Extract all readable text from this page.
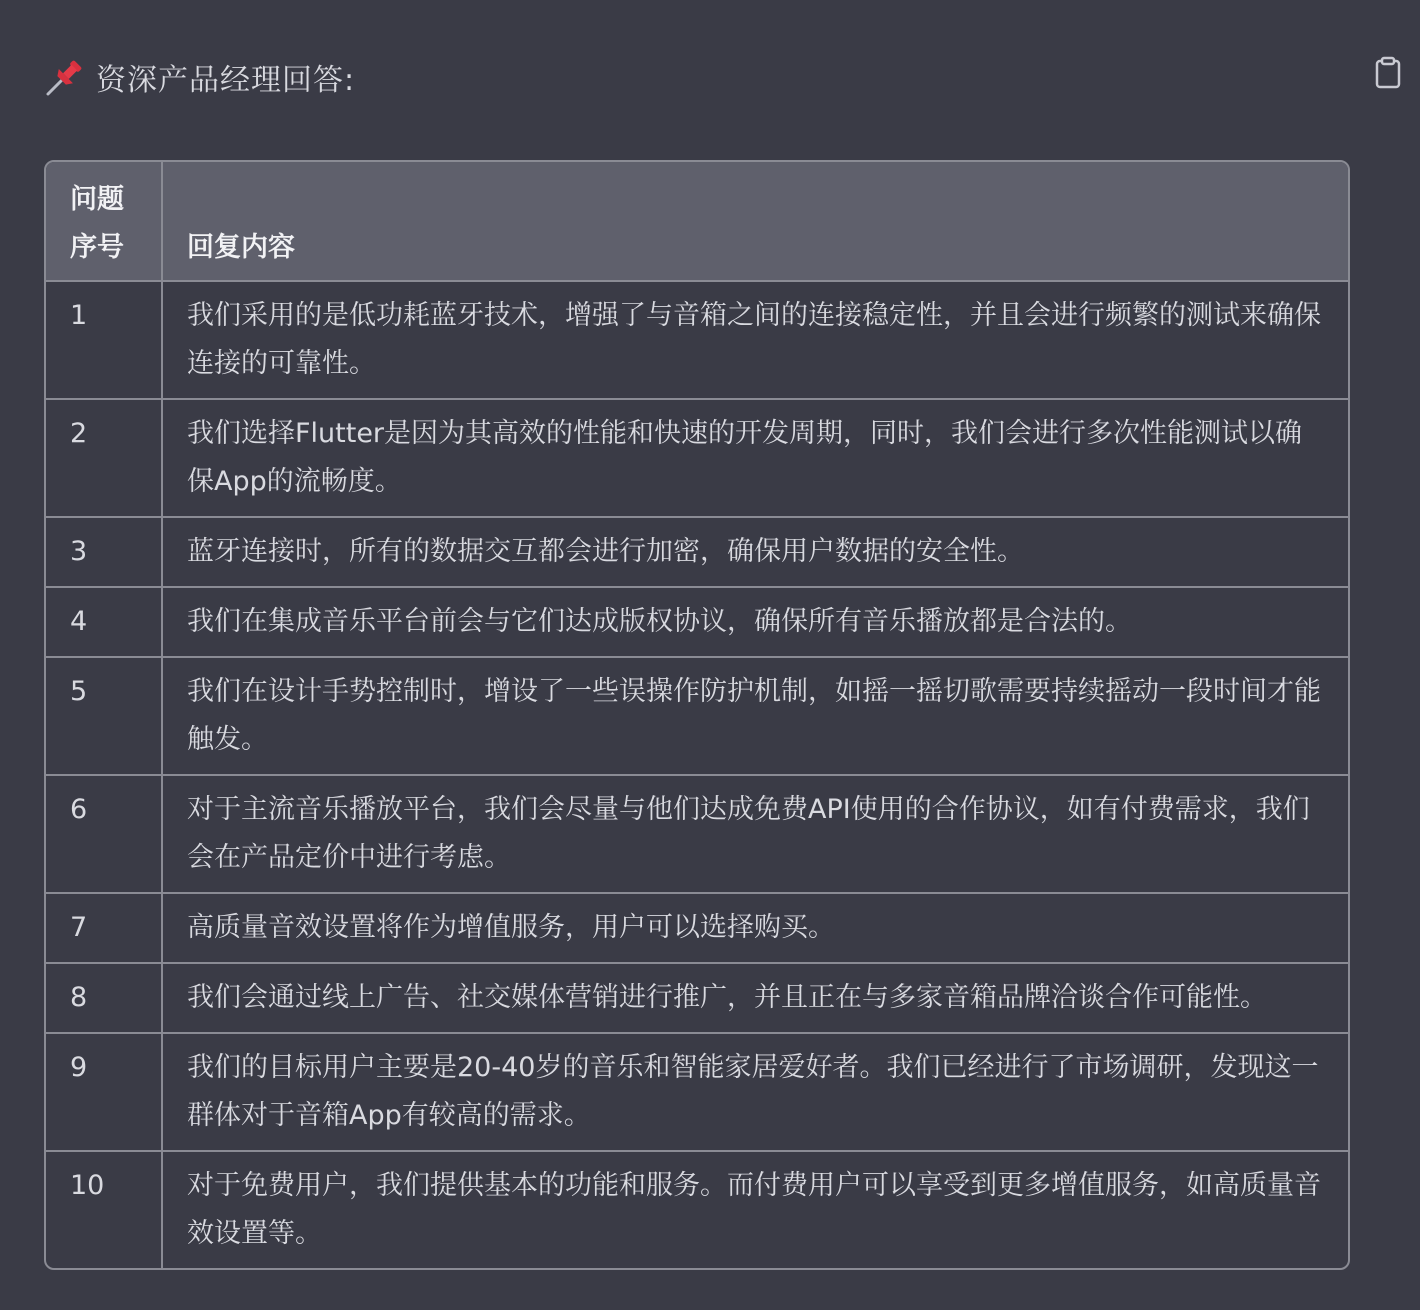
资深产品经理回答:
问题序号	回复内容
1	我们采用的是低功耗蓝牙技术，增强了与音箱之间的连接稳定性，并且会进行频繁的测试来确保连接的可靠性。
2	我们选择Flutter是因为其高效的性能和快速的开发周期，同时，我们会进行多次性能测试以确保App的流畅度。
3	蓝牙连接时，所有的数据交互都会进行加密，确保用户数据的安全性。
4	我们在集成音乐平台前会与它们达成版权协议，确保所有音乐播放都是合法的。
5	我们在设计手势控制时，增设了一些误操作防护机制，如摇一摇切歌需要持续摇动一段时间才能触发。
6	对于主流音乐播放平台，我们会尽量与他们达成免费API使用的合作协议，如有付费需求，我们会在产品定价中进行考虑。
7	高质量音效设置将作为增值服务，用户可以选择购买。
8	我们会通过线上广告、社交媒体营销进行推广，并且正在与多家音箱品牌洽谈合作可能性。
9	我们的目标用户主要是20-40岁的音乐和智能家居爱好者。我们已经进行了市场调研，发现这一群体对于音箱App有较高的需求。
10	对于免费用户，我们提供基本的功能和服务。而付费用户可以享受到更多增值服务，如高质量音效设置等。
